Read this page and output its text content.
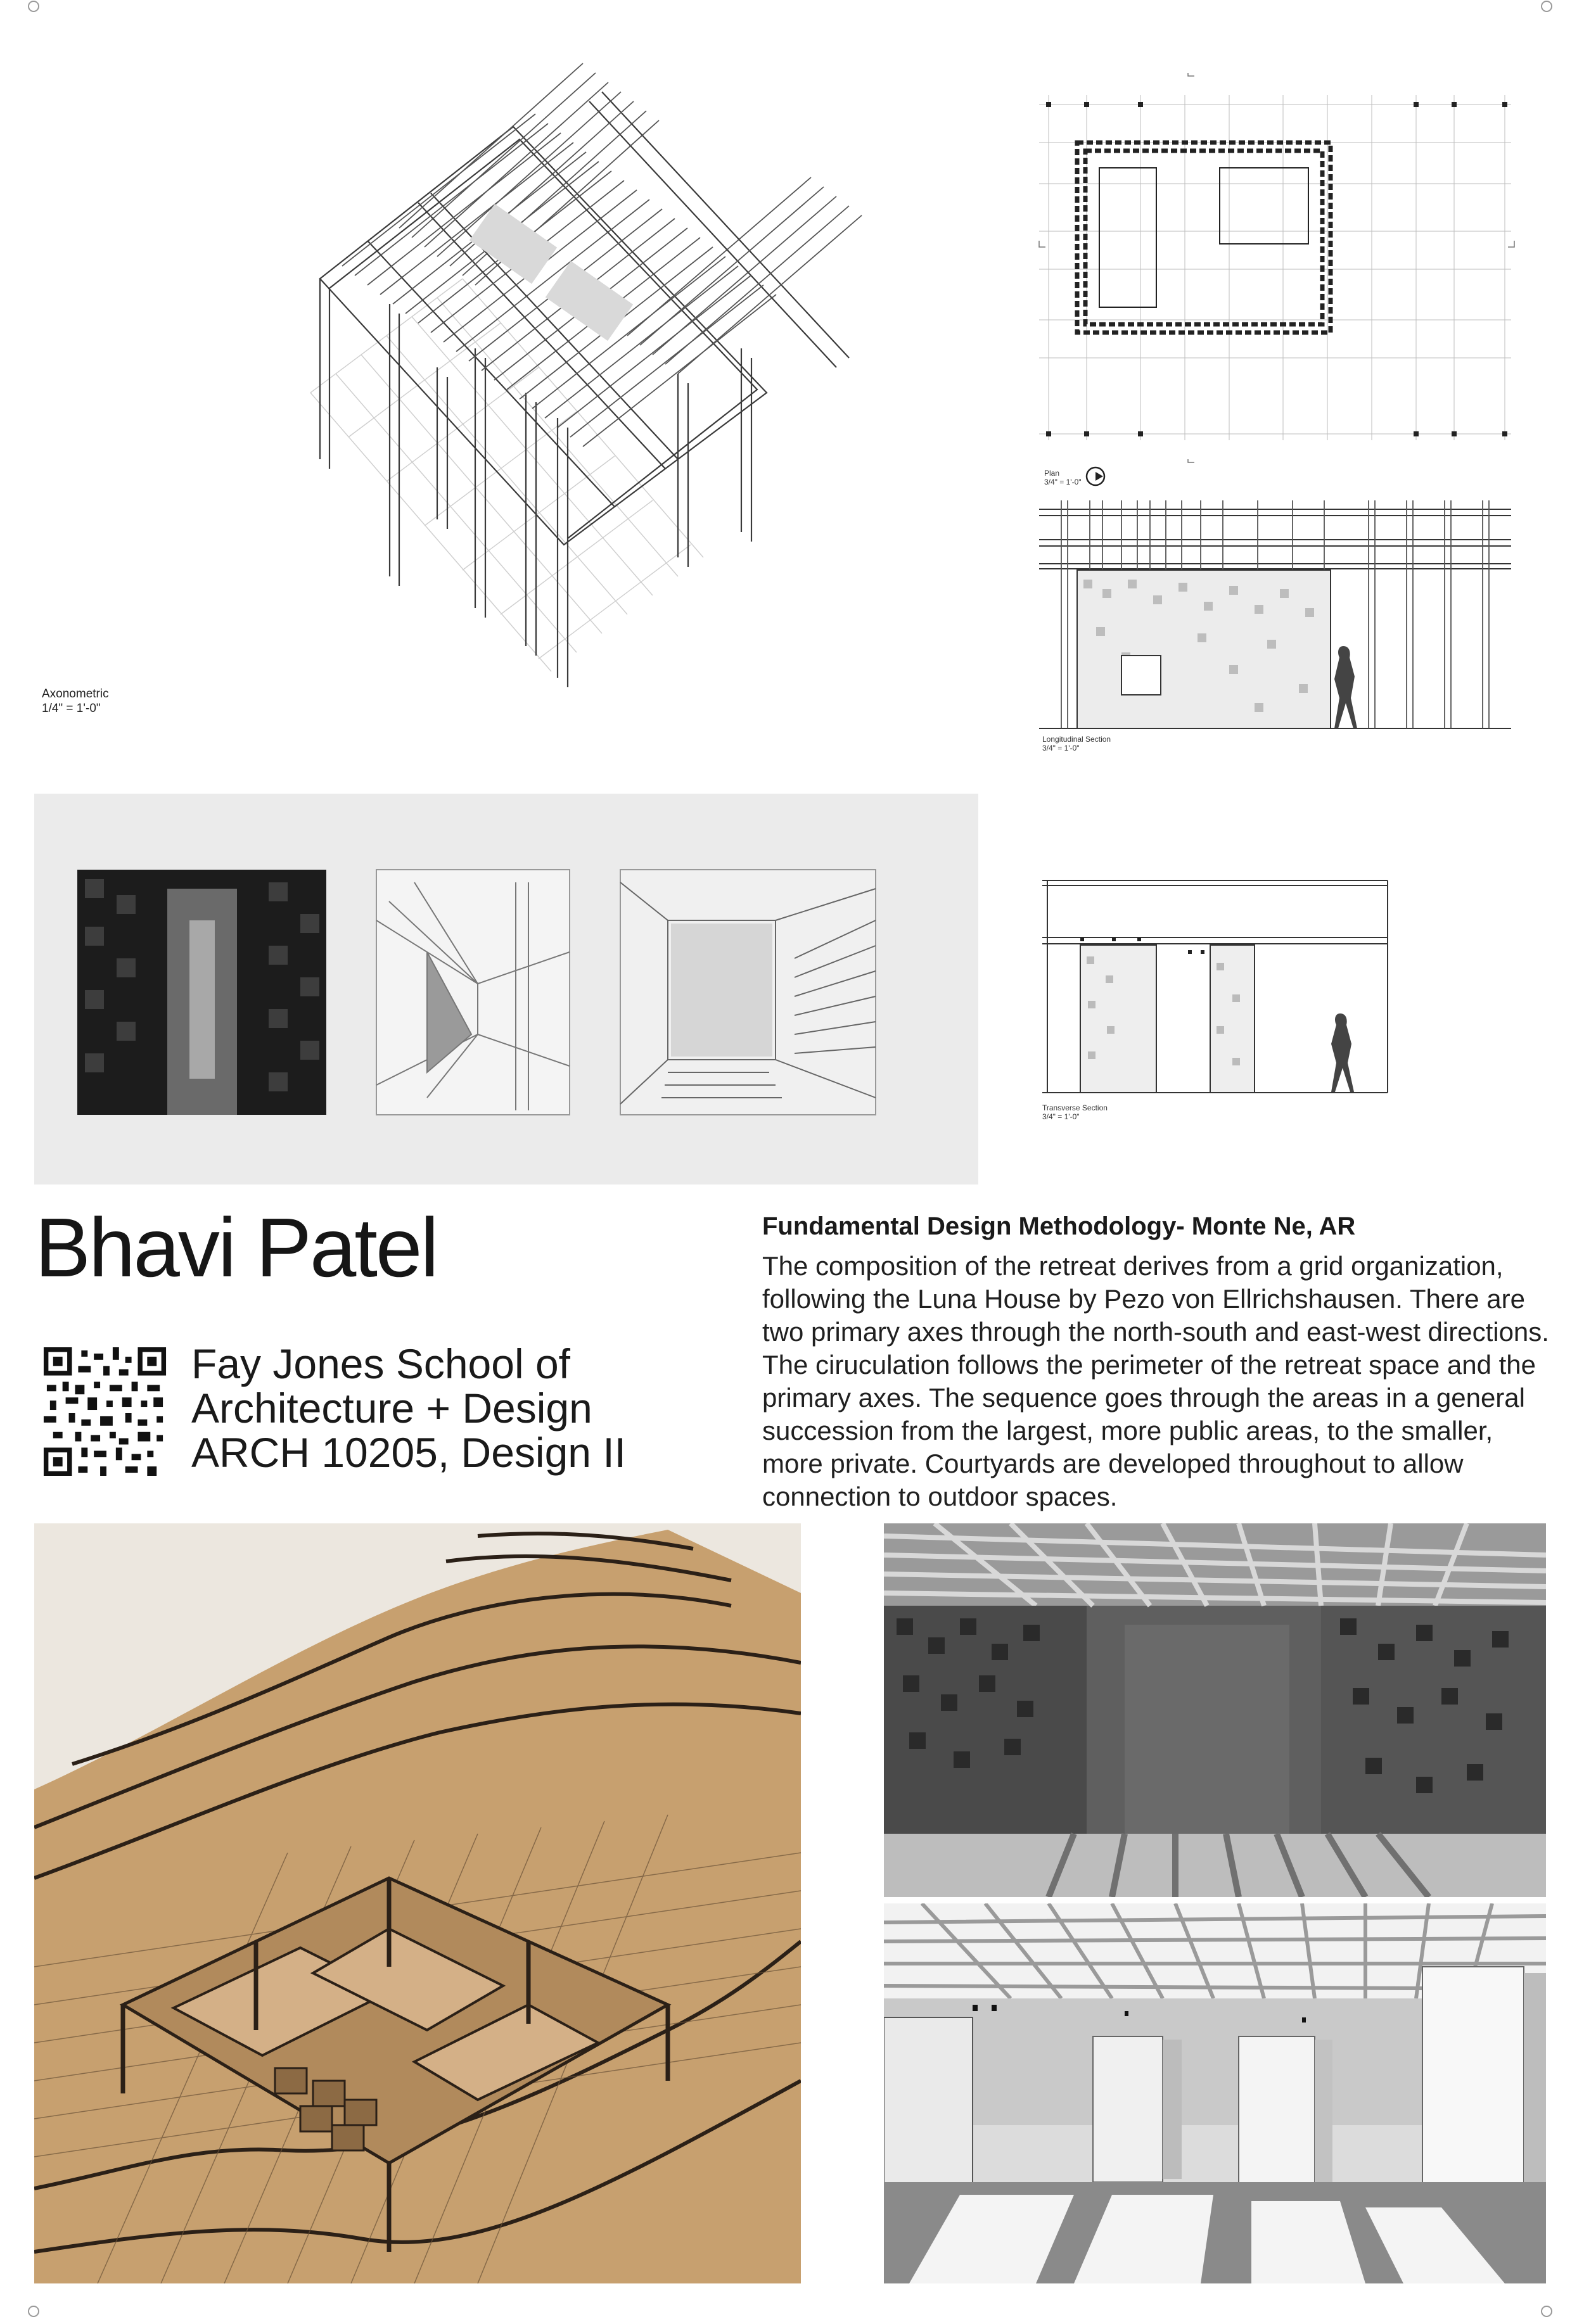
Axonometric
1/4" = 1'-0"
Plan
3/4" = 1'-0"
Longitudinal Section
3/4" = 1'-0"
Transverse Section
3/4" = 1'-0"
Bhavi Patel
Fay Jones School of
Architecture + Design
ARCH 10205, Design II
Fundamental Design Methodology- Monte Ne, AR
The composition of the retreat derives from a grid organization, following the Luna House by Pezo von Ellrichshausen. There are two primary axes through the north-south and east-west directions. The ciruculation follows the perimeter of the retreat space and the primary axes. The sequence goes through the areas in a general succession from the largest, more public areas, to the smaller, more private. Courtyards are developed throughout to allow connection to outdoor spaces.
